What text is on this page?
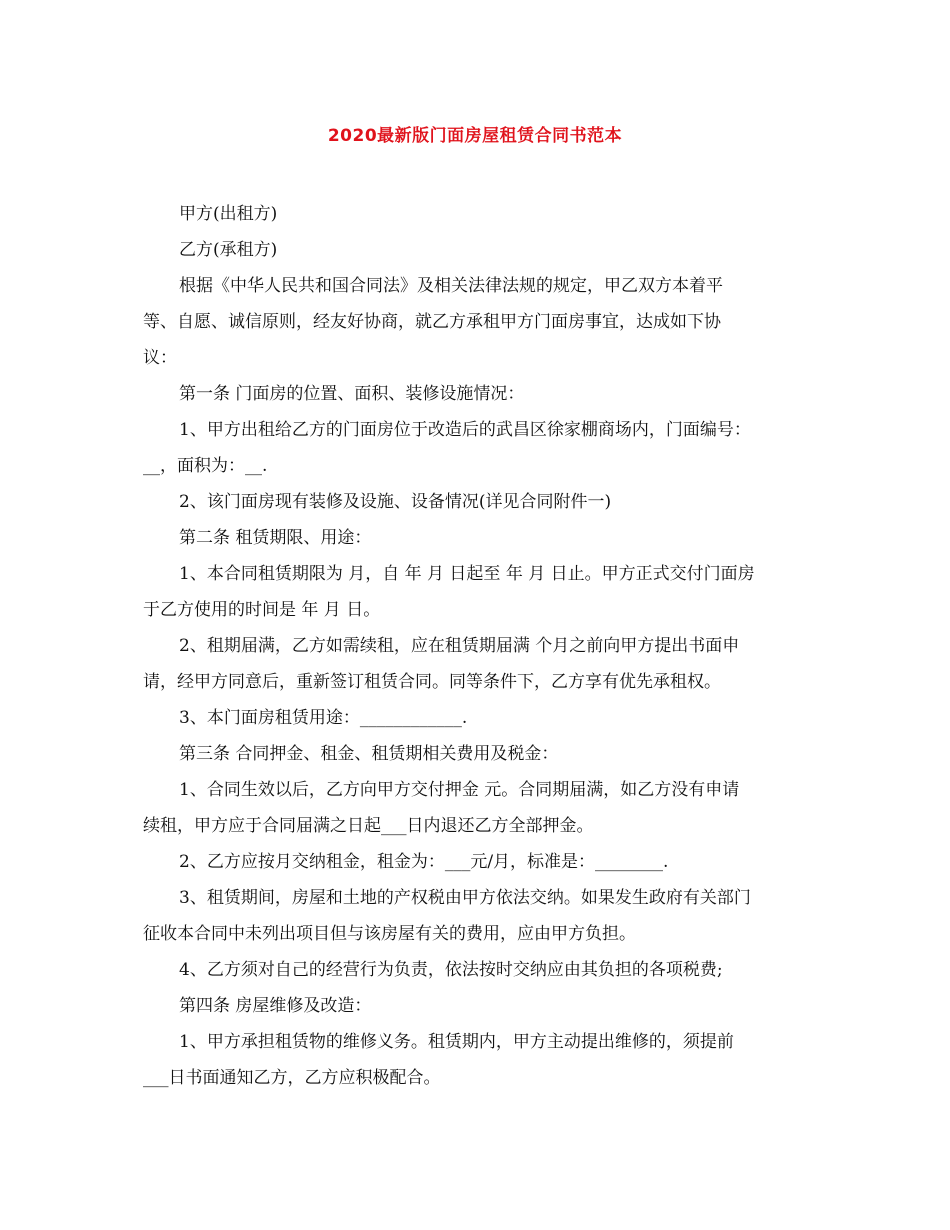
2020最新版门面房屋租赁合同书范本
甲方(出租方)
乙方(承租方)
根据《中华人民共和国合同法》及相关法律法规的规定，甲乙双方本着平
等、自愿、诚信原则，经友好协商，就乙方承租甲方门面房事宜，达成如下协
议：
第一条 门面房的位置、面积、装修设施情况：
1、甲方出租给乙方的门面房位于改造后的武昌区徐家棚商场内，门面编号：
__，面积为：__.
2、该门面房现有装修及设施、设备情况(详见合同附件一)
第二条 租赁期限、用途：
1、本合同租赁期限为 月，自 年 月 日起至 年 月 日止。甲方正式交付门面房
于乙方使用的时间是 年 月 日。
2、租期届满，乙方如需续租，应在租赁期届满 个月之前向甲方提出书面申
请，经甲方同意后，重新签订租赁合同。同等条件下，乙方享有优先承租权。
3、本门面房租赁用途：____________.
第三条 合同押金、租金、租赁期相关费用及税金：
1、合同生效以后，乙方向甲方交付押金 元。合同期届满，如乙方没有申请
续租，甲方应于合同届满之日起___日内退还乙方全部押金。
2、乙方应按月交纳租金，租金为：___元/月，标准是：________.
3、租赁期间，房屋和土地的产权税由甲方依法交纳。如果发生政府有关部门
征收本合同中未列出项目但与该房屋有关的费用，应由甲方负担。
4、乙方须对自己的经营行为负责，依法按时交纳应由其负担的各项税费;
第四条 房屋维修及改造：
1、甲方承担租赁物的维修义务。租赁期内，甲方主动提出维修的，须提前
___日书面通知乙方，乙方应积极配合。
